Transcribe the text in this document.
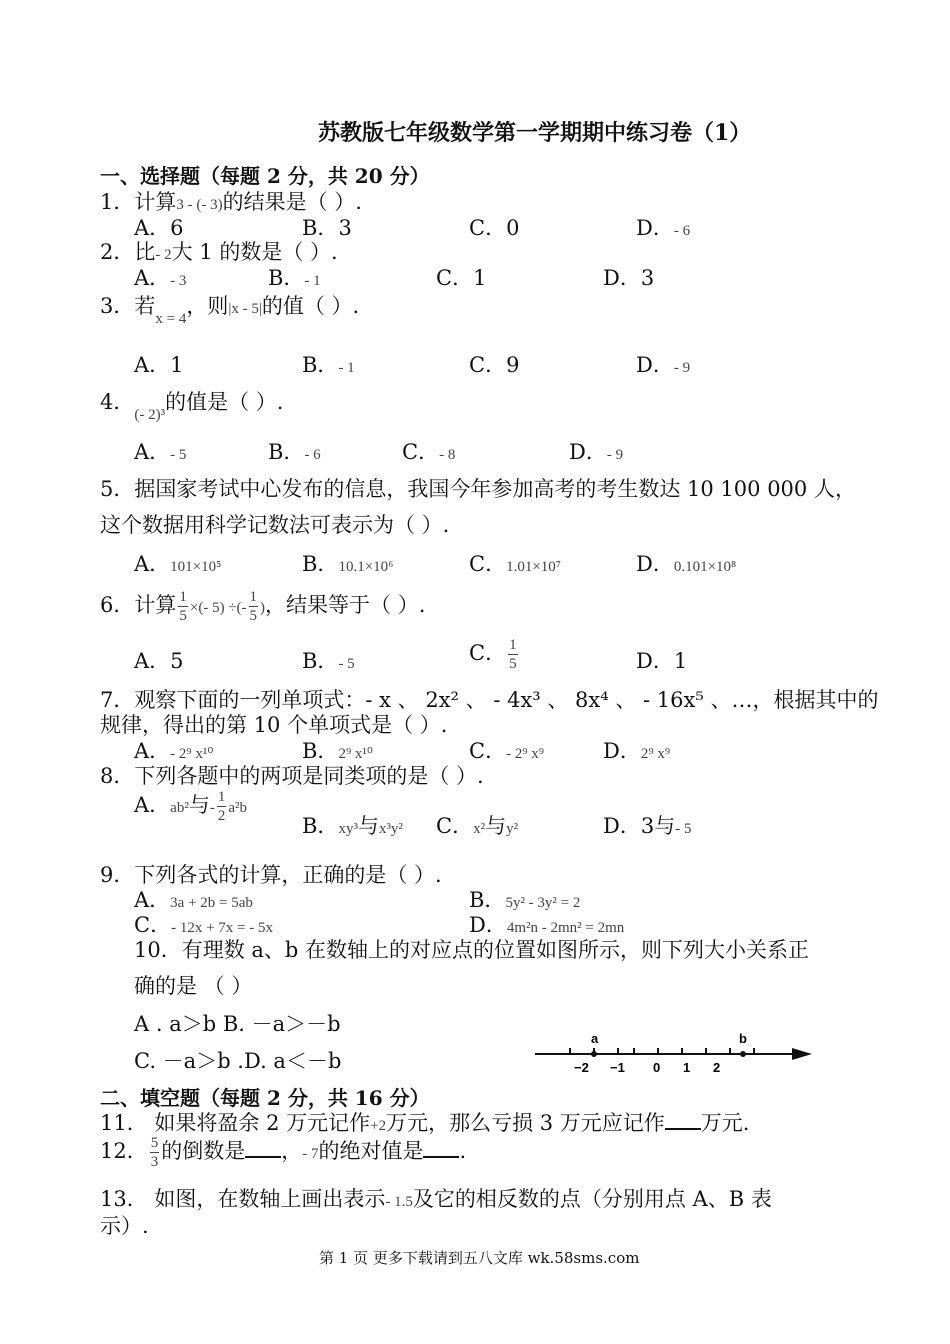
苏教版七年级数学第一学期期中练习卷（1）
一、选择题（每题 2 分，共 20 分）
1．计算3 - (- 3)的结果是（ ）.
A．6	B．3	C．0	D．- 6
2．比- 2大 1 的数是（ ）.
A．- 3	B．- 1	C．1	D．3
3．若$_{x = 4}$，则|x - 5|的值（ ）.
A．1	B．- 1	C．9	D．- 9
4．$_{(- 2)^3}$的值是（ ）.
A．- 5	B．- 6	C．- 8	D．- 9
5．据国家考试中心发布的信息，我国今年参加高考的考生数达 10 100 000 人，
这个数据用科学记数法可表示为（ ）.
A．101×10⁵	B．10.1×10⁶	C．1.01×10⁷	D．0.101×10⁸
6．计算 $\frac{1}{5}$ ×(- 5) ÷(- $\frac{1}{5}$ )，结果等于（ ）.
A．5	B．- 5	C． $\frac{1}{5}$	D．1
7．观察下面的一列单项式：- x 、 2x² 、 - 4x³ 、 8x⁴ 、 - 16x⁵ 、…，根据其中的
规律，得出的第 10 个单项式是（ ）.
A．- 2⁹ x¹⁰	B．2⁹ x¹⁰	C．- 2⁹ x⁹	D．2⁹ x⁹
8．下列各题中的两项是同类项的是（ ）.
A．ab²与- $\frac{1}{2} a^2b$
B．xy³与x³y² C．x²与y²	D．3与- 5
9．下列各式的计算，正确的是（ ）.
A．3a + 2b = 5ab	B．5y² - 3y² = 2
C．- 12x + 7x = - 5x	D．4m²n - 2mn² = 2mn
10．有理数 a、b 在数轴上的对应点的位置如图所示，则下列大小关系正
确的是 （ ）
A . a＞b B. －a＞－b
C. －a＞b .D. a＜－b
a	b
−2 −1 0 1 2
二、填空题（每题 2 分，共 16 分）
11． 如果将盈余 2 万元记作+2万元，那么亏损 3 万元应记作 万元.
12． $\frac{5}{3}$ 的倒数是 ，- 7的绝对值是 .
13． 如图，在数轴上画出表示- 1.5及它的相反数的点（分别用点 A、B 表
示）.
第 1 页 更多下载请到五八文库 wk.58sms.com
